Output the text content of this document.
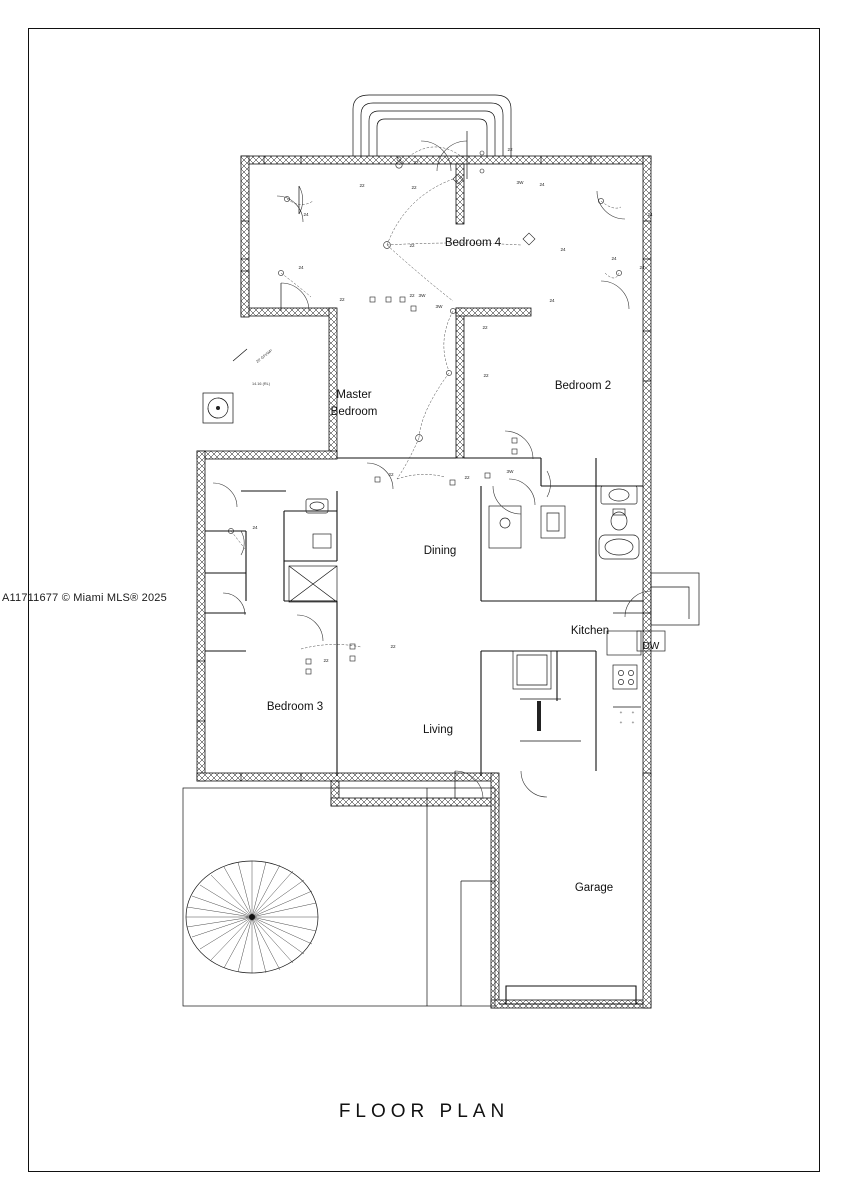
+ +
+ +
Bedroom 4
Master
Bedroom
Bedroom 2
Dining
Kitchen
Bedroom 3
Living
Garage
DW
25' GFI/WP
14.16 (RL)
22
22	22
22
3W	24
24	24
24
24
24
24
22
22
22 3W
3W
24
22
22
22
22
3W
24
22
22
FLOOR PLAN
A11711677 © Miami MLS® 2025
